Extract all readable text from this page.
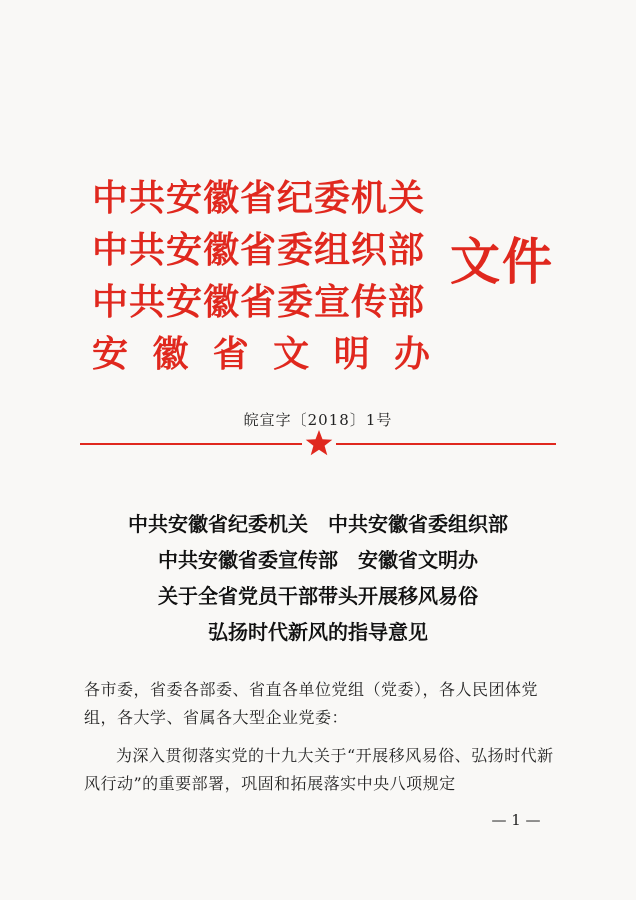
中共安徽省纪委机关
中共安徽省委组织部
中共安徽省委宣传部
安 徽 省 文 明 办
文件
皖宣字〔2018〕1号
中共安徽省纪委机关　中共安徽省委组织部
中共安徽省委宣传部　安徽省文明办
关于全省党员干部带头开展移风易俗
弘扬时代新风的指导意见
各市委，省委各部委、省直各单位党组（党委），各人民团体党组，各大学、省属各大型企业党委：
为深入贯彻落实党的十九大关于“开展移风易俗、弘扬时代新风行动”的重要部署，巩固和拓展落实中央八项规定
— 1 —
